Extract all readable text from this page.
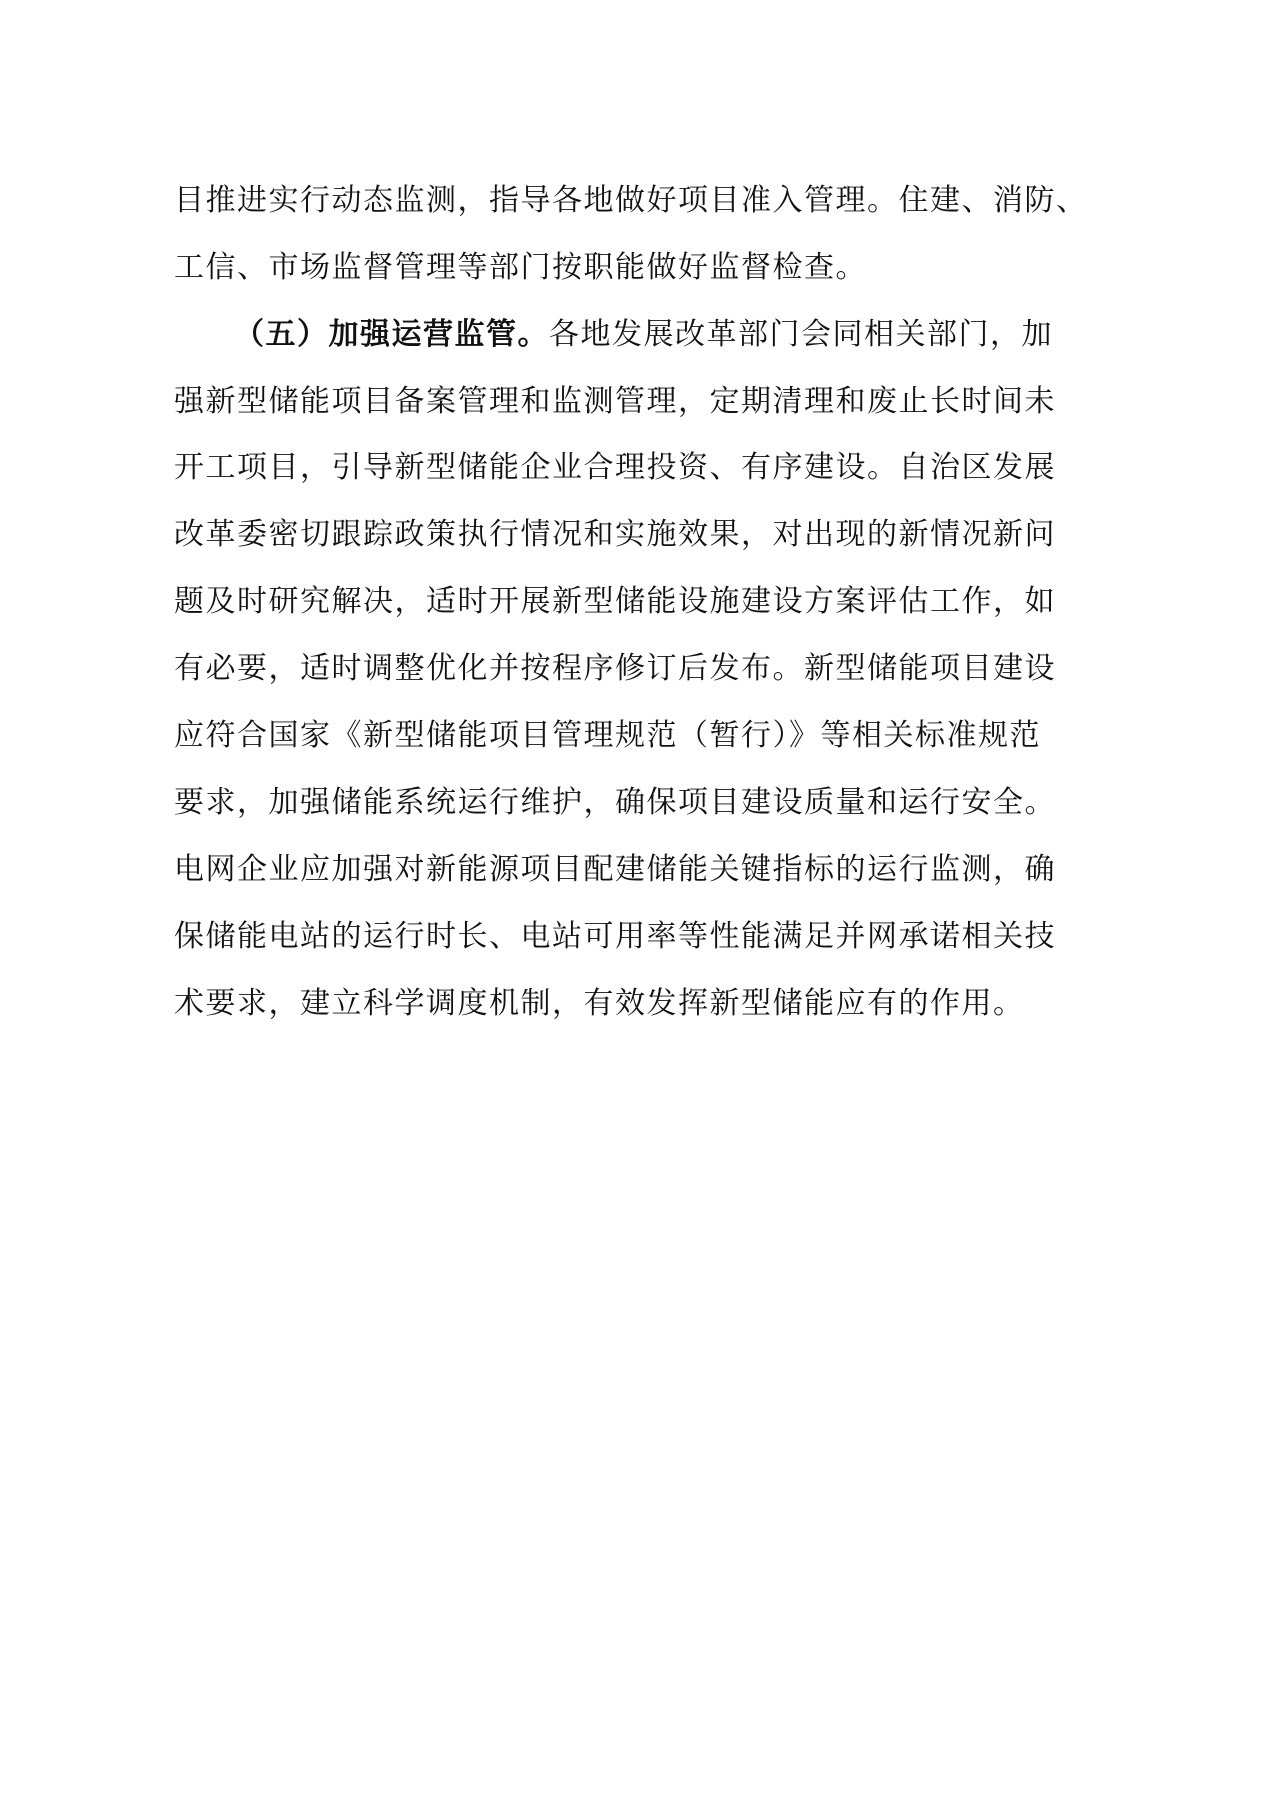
目推进实行动态监测，指导各地做好项目准入管理。住建、消防、
工信、市场监督管理等部门按职能做好监督检查。
（五）加强运营监管。各地发展改革部门会同相关部门，加
强新型储能项目备案管理和监测管理，定期清理和废止长时间未
开工项目，引导新型储能企业合理投资、有序建设。自治区发展
改革委密切跟踪政策执行情况和实施效果，对出现的新情况新问
题及时研究解决，适时开展新型储能设施建设方案评估工作，如
有必要，适时调整优化并按程序修订后发布。新型储能项目建设
应符合国家《新型储能项目管理规范（暂行）》等相关标准规范
要求，加强储能系统运行维护，确保项目建设质量和运行安全。
电网企业应加强对新能源项目配建储能关键指标的运行监测，确
保储能电站的运行时长、电站可用率等性能满足并网承诺相关技
术要求，建立科学调度机制，有效发挥新型储能应有的作用。
